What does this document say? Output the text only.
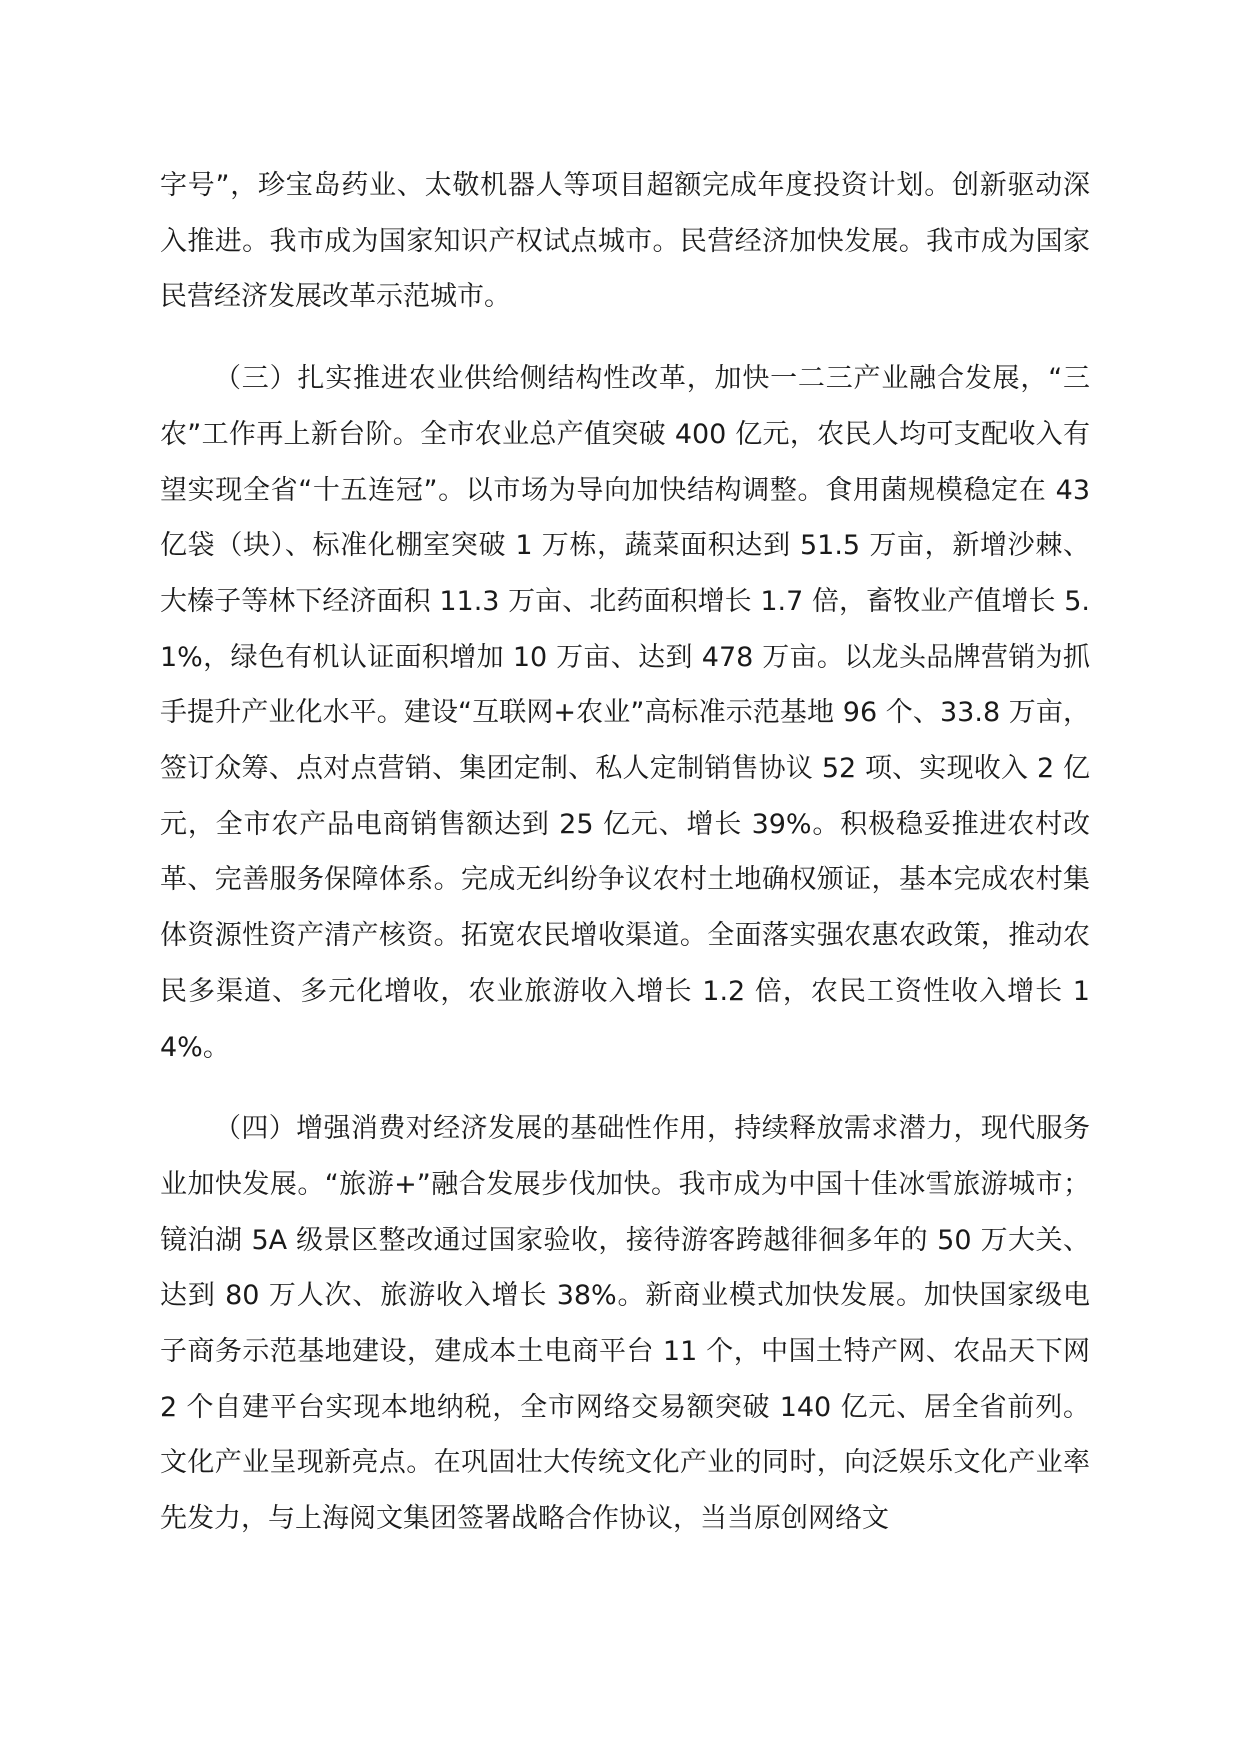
字号”，珍宝岛药业、太敬机器人等项目超额完成年度投资计划。创新驱动深入推进。我市成为国家知识产权试点城市。民营经济加快发展。我市成为国家民营经济发展改革示范城市。

（三）扎实推进农业供给侧结构性改革，加快一二三产业融合发展，“三农”工作再上新台阶。全市农业总产值突破 400 亿元，农民人均可支配收入有望实现全省“十五连冠”。以市场为导向加快结构调整。食用菌规模稳定在 43 亿袋（块）、标准化棚室突破 1 万栋，蔬菜面积达到 51.5 万亩，新增沙棘、大榛子等林下经济面积 11.3 万亩、北药面积增长 1.7 倍，畜牧业产值增长 5.1%，绿色有机认证面积增加 10 万亩、达到 478 万亩。以龙头品牌营销为抓手提升产业化水平。建设“互联网+农业”高标准示范基地 96 个、33.8 万亩，签订众筹、点对点营销、集团定制、私人定制销售协议 52 项、实现收入 2 亿元，全市农产品电商销售额达到 25 亿元、增长 39%。积极稳妥推进农村改革、完善服务保障体系。完成无纠纷争议农村土地确权颁证，基本完成农村集体资源性资产清产核资。拓宽农民增收渠道。全面落实强农惠农政策，推动农民多渠道、多元化增收，农业旅游收入增长 1.2 倍，农民工资性收入增长 14%。

（四）增强消费对经济发展的基础性作用，持续释放需求潜力，现代服务业加快发展。“旅游+”融合发展步伐加快。我市成为中国十佳冰雪旅游城市；镜泊湖 5A 级景区整改通过国家验收，接待游客跨越徘徊多年的 50 万大关、达到 80 万人次、旅游收入增长 38%。新商业模式加快发展。加快国家级电子商务示范基地建设，建成本土电商平台 11 个，中国土特产网、农品天下网 2 个自建平台实现本地纳税，全市网络交易额突破 140 亿元、居全省前列。文化产业呈现新亮点。在巩固壮大传统文化产业的同时，向泛娱乐文化产业率先发力，与上海阅文集团签署战略合作协议，当当原创网络文
